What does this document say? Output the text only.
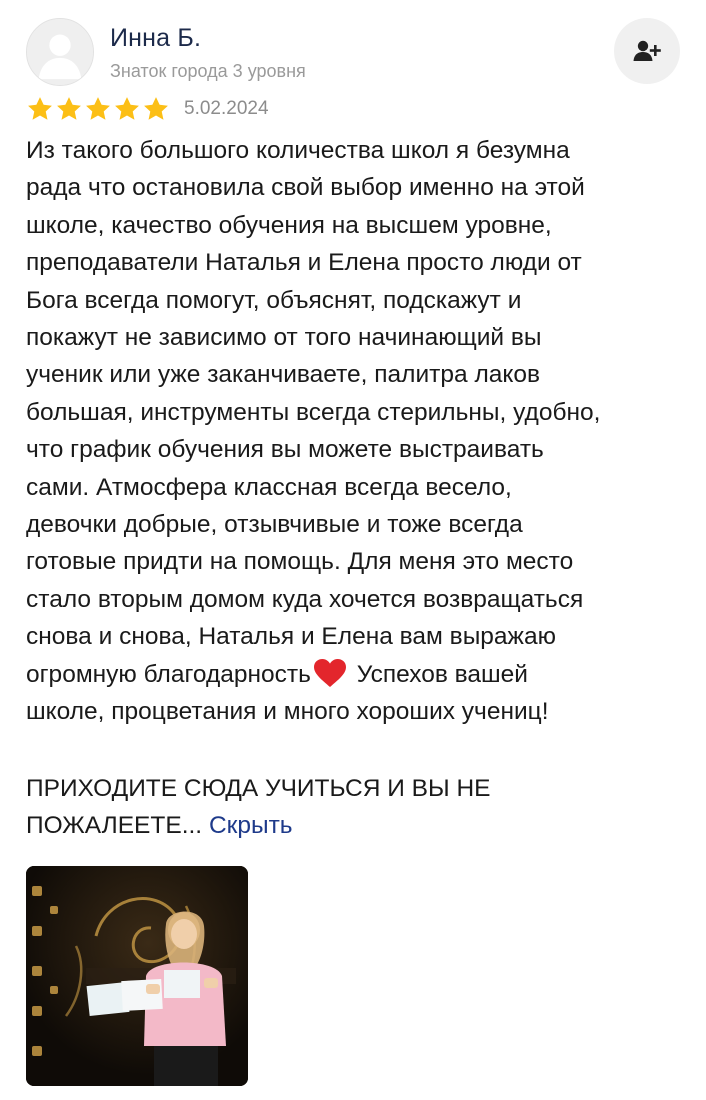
Инна Б.
Знаток города 3 уровня
5.02.2024
Из такого большого количества школ я безумна
рада что остановила свой выбор именно на этой
школе, качество обучения на высшем уровне,
преподаватели Наталья и Елена просто люди от
Бога всегда помогут, объяснят, подскажут и
покажут не зависимо от того начинающий вы
ученик или уже заканчиваете, палитра лаков
большая, инструменты всегда стерильны, удобно,
что график обучения вы можете выстраивать
сами. Атмосфера классная всегда весело,
девочки добрые, отзывчивые и тоже всегда
готовые придти на помощь. Для меня это место
стало вторым домом куда хочется возвращаться
снова и снова, Наталья и Елена вам выражаю
огромную благодарность
Успехов вашей
школе, процветания и много хороших учениц!
ПРИХОДИТЕ СЮДА УЧИТЬСЯ И ВЫ НЕ
ПОЖАЛЕЕТЕ... Скрыть
